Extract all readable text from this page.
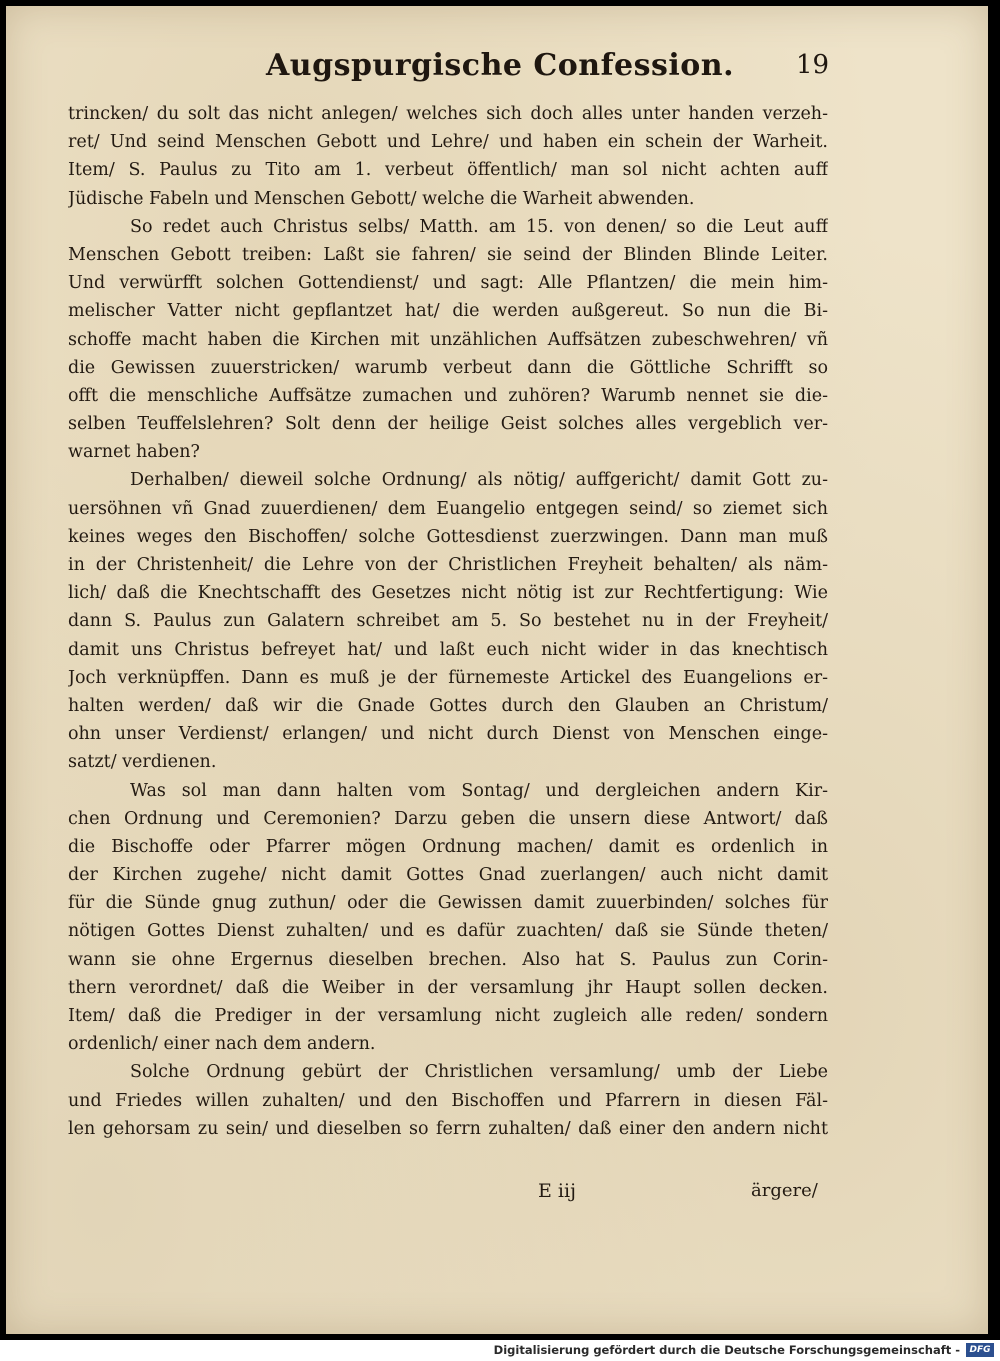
Augspurgische Confession. 19
trincken/ du solt das nicht anlegen/ welches sich doch alles unter handen verzeh-
ret/ Und seind Menschen Gebott und Lehre/ und haben ein schein der Warheit.
Item/ S. Paulus zu Tito am 1. verbeut öffentlich/ man sol nicht achten auff
Jüdische Fabeln und Menschen Gebott/ welche die Warheit abwenden.
So redet auch Christus selbs/ Matth. am 15. von denen/ so die Leut auff
Menschen Gebott treiben: Laßt sie fahren/ sie seind der Blinden Blinde Leiter.
Und verwürfft solchen Gottendienst/ und sagt: Alle Pflantzen/ die mein him-
melischer Vatter nicht gepflantzet hat/ die werden außgereut. So nun die Bi-
schoffe macht haben die Kirchen mit unzählichen Auffsätzen zubeschwehren/ vñ
die Gewissen zuuerstricken/ warumb verbeut dann die Göttliche Schrifft so
offt die menschliche Auffsätze zumachen und zuhören? Warumb nennet sie die-
selben Teuffelslehren? Solt denn der heilige Geist solches alles vergeblich ver-
warnet haben?
Derhalben/ dieweil solche Ordnung/ als nötig/ auffgericht/ damit Gott zu-
uersöhnen vñ Gnad zuuerdienen/ dem Euangelio entgegen seind/ so ziemet sich
keines weges den Bischoffen/ solche Gottesdienst zuerzwingen. Dann man muß
in der Christenheit/ die Lehre von der Christlichen Freyheit behalten/ als näm-
lich/ daß die Knechtschafft des Gesetzes nicht nötig ist zur Rechtfertigung: Wie
dann S. Paulus zun Galatern schreibet am 5. So bestehet nu in der Freyheit/
damit uns Christus befreyet hat/ und laßt euch nicht wider in das knechtisch
Joch verknüpffen. Dann es muß je der fürnemeste Artickel des Euangelions er-
halten werden/ daß wir die Gnade Gottes durch den Glauben an Christum/
ohn unser Verdienst/ erlangen/ und nicht durch Dienst von Menschen einge-
satzt/ verdienen.
Was sol man dann halten vom Sontag/ und dergleichen andern Kir-
chen Ordnung und Ceremonien? Darzu geben die unsern diese Antwort/ daß
die Bischoffe oder Pfarrer mögen Ordnung machen/ damit es ordenlich in
der Kirchen zugehe/ nicht damit Gottes Gnad zuerlangen/ auch nicht damit
für die Sünde gnug zuthun/ oder die Gewissen damit zuuerbinden/ solches für
nötigen Gottes Dienst zuhalten/ und es dafür zuachten/ daß sie Sünde theten/
wann sie ohne Ergernus dieselben brechen. Also hat S. Paulus zun Corin-
thern verordnet/ daß die Weiber in der versamlung jhr Haupt sollen decken.
Item/ daß die Prediger in der versamlung nicht zugleich alle reden/ sondern
ordenlich/ einer nach dem andern.
Solche Ordnung gebürt der Christlichen versamlung/ umb der Liebe
und Friedes willen zuhalten/ und den Bischoffen und Pfarrern in diesen Fäl-
len gehorsam zu sein/ und dieselben so ferrn zuhalten/ daß einer den andern nicht
E iij	ärgere/
Digitalisierung gefördert durch die Deutsche Forschungsgemeinschaft -	DFG
